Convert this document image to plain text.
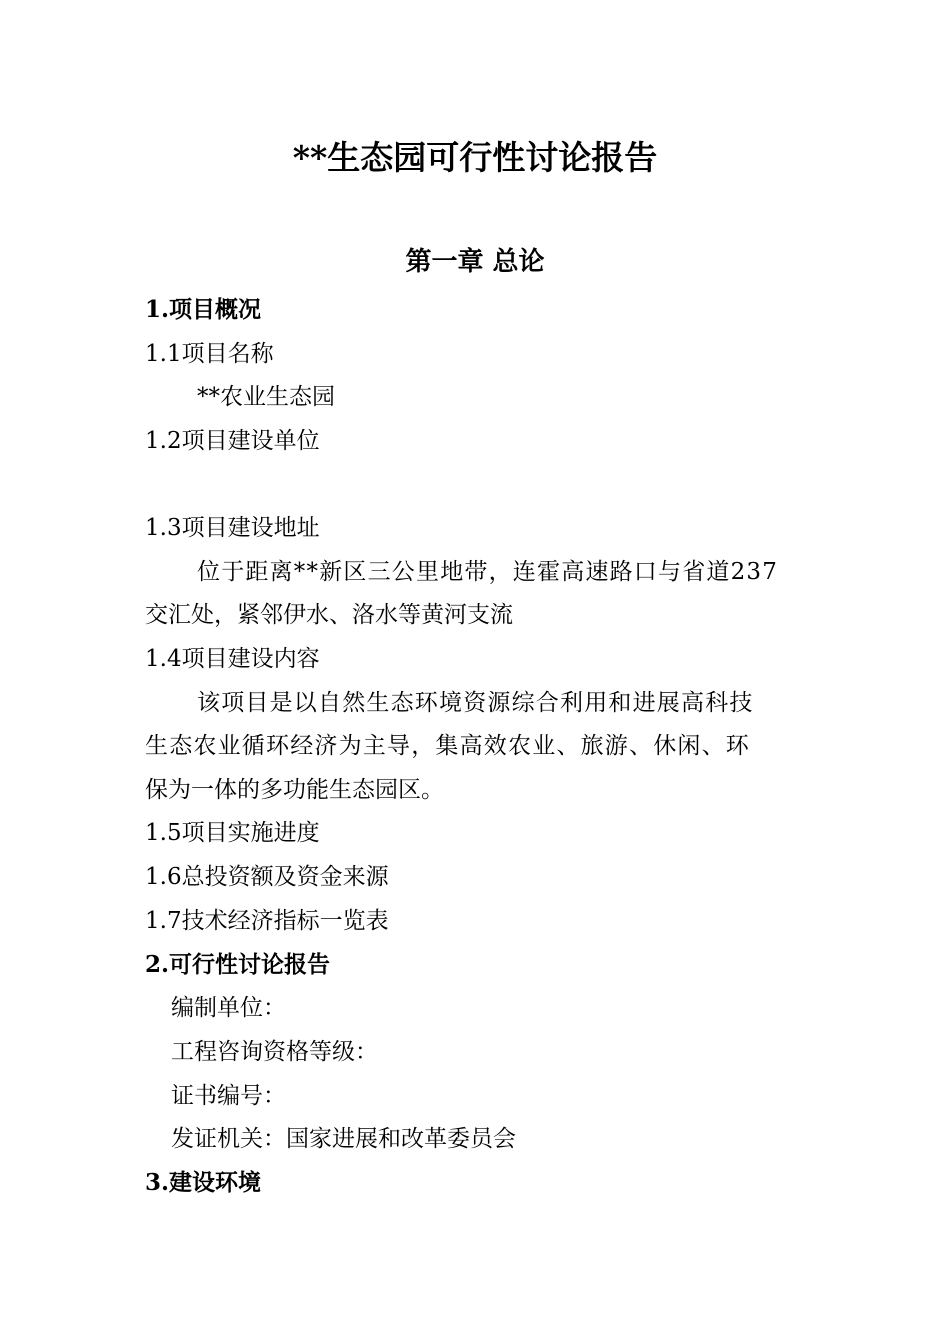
**生态园可行性讨论报告
第一章 总论
1.项目概况
1.1项目名称
**农业生态园
1.2项目建设单位
1.3项目建设地址
位于距离**新区三公里地带，连霍高速路口与省道237
交汇处，紧邻伊水、洛水等黄河支流
1.4项目建设内容
该项目是以自然生态环境资源综合利用和进展高科技
生态农业循环经济为主导，集高效农业、旅游、休闲、环
保为一体的多功能生态园区。
1.5项目实施进度
1.6总投资额及资金来源
1.7技术经济指标一览表
2.可行性讨论报告
编制单位：
工程咨询资格等级：
证书编号：
发证机关：国家进展和改革委员会
3.建设环境
